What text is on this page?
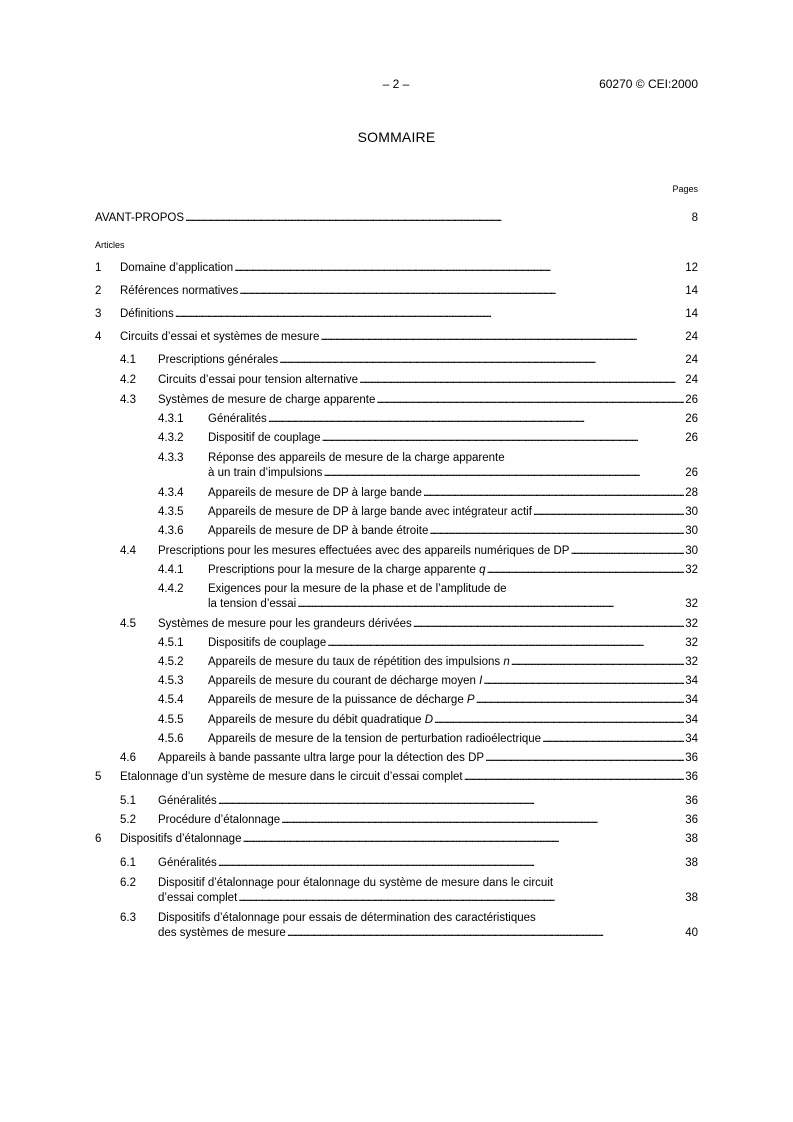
– 2 –	60270 © CEI:2000
SOMMAIRE
Pages
Articles
AVANT-PROPOS . . .	8
1 Domaine d’application . . .	12
2 Références normatives . . .	14
3 Définitions . . .	14
4 Circuits d’essai et systèmes de mesure . . .	24
4.1 Prescriptions générales . . .	24
4.2 Circuits d’essai pour tension alternative . . .	24
4.3 Systèmes de mesure de charge apparente . . .	26
4.3.1 Généralités . . .	26
4.3.2 Dispositif de couplage . . .	26
4.3.3 Réponse des appareils de mesure de la charge apparente
à un train d’impulsions . . .	26
4.3.4 Appareils de mesure de DP à large bande . . .	28
4.3.5 Appareils de mesure de DP à large bande avec intégrateur actif . . .	30
4.3.6 Appareils de mesure de DP à bande étroite . . .	30
4.4 Prescriptions pour les mesures effectuées avec des appareils numériques de DP . . .	30
4.4.1 Prescriptions pour la mesure de la charge apparente q . . .	32
4.4.2 Exigences pour la mesure de la phase et de l’amplitude de
la tension d’essai . . .	32
4.5 Systèmes de mesure pour les grandeurs dérivées . . .	32
4.5.1 Dispositifs de couplage . . .	32
4.5.2 Appareils de mesure du taux de répétition des impulsions n . . .	32
4.5.3 Appareils de mesure du courant de décharge moyen I . . .	34
4.5.4 Appareils de mesure de la puissance de décharge P . . .	34
4.5.5 Appareils de mesure du débit quadratique D . . .	34
4.5.6 Appareils de mesure de la tension de perturbation radioélectrique . . .	34
4.6 Appareils à bande passante ultra large pour la détection des DP . . .	36
5 Etalonnage d’un système de mesure dans le circuit d’essai complet . . .	36
5.1 Généralités . . .	36
5.2 Procédure d’étalonnage . . .	36
6 Dispositifs d’étalonnage . . .	38
6.1 Généralités . . .	38
6.2 Dispositif d’étalonnage pour étalonnage du système de mesure dans le circuit
d’essai complet . . .	38
6.3 Dispositifs d’étalonnage pour essais de détermination des caractéristiques
des systèmes de mesure . . .	40
